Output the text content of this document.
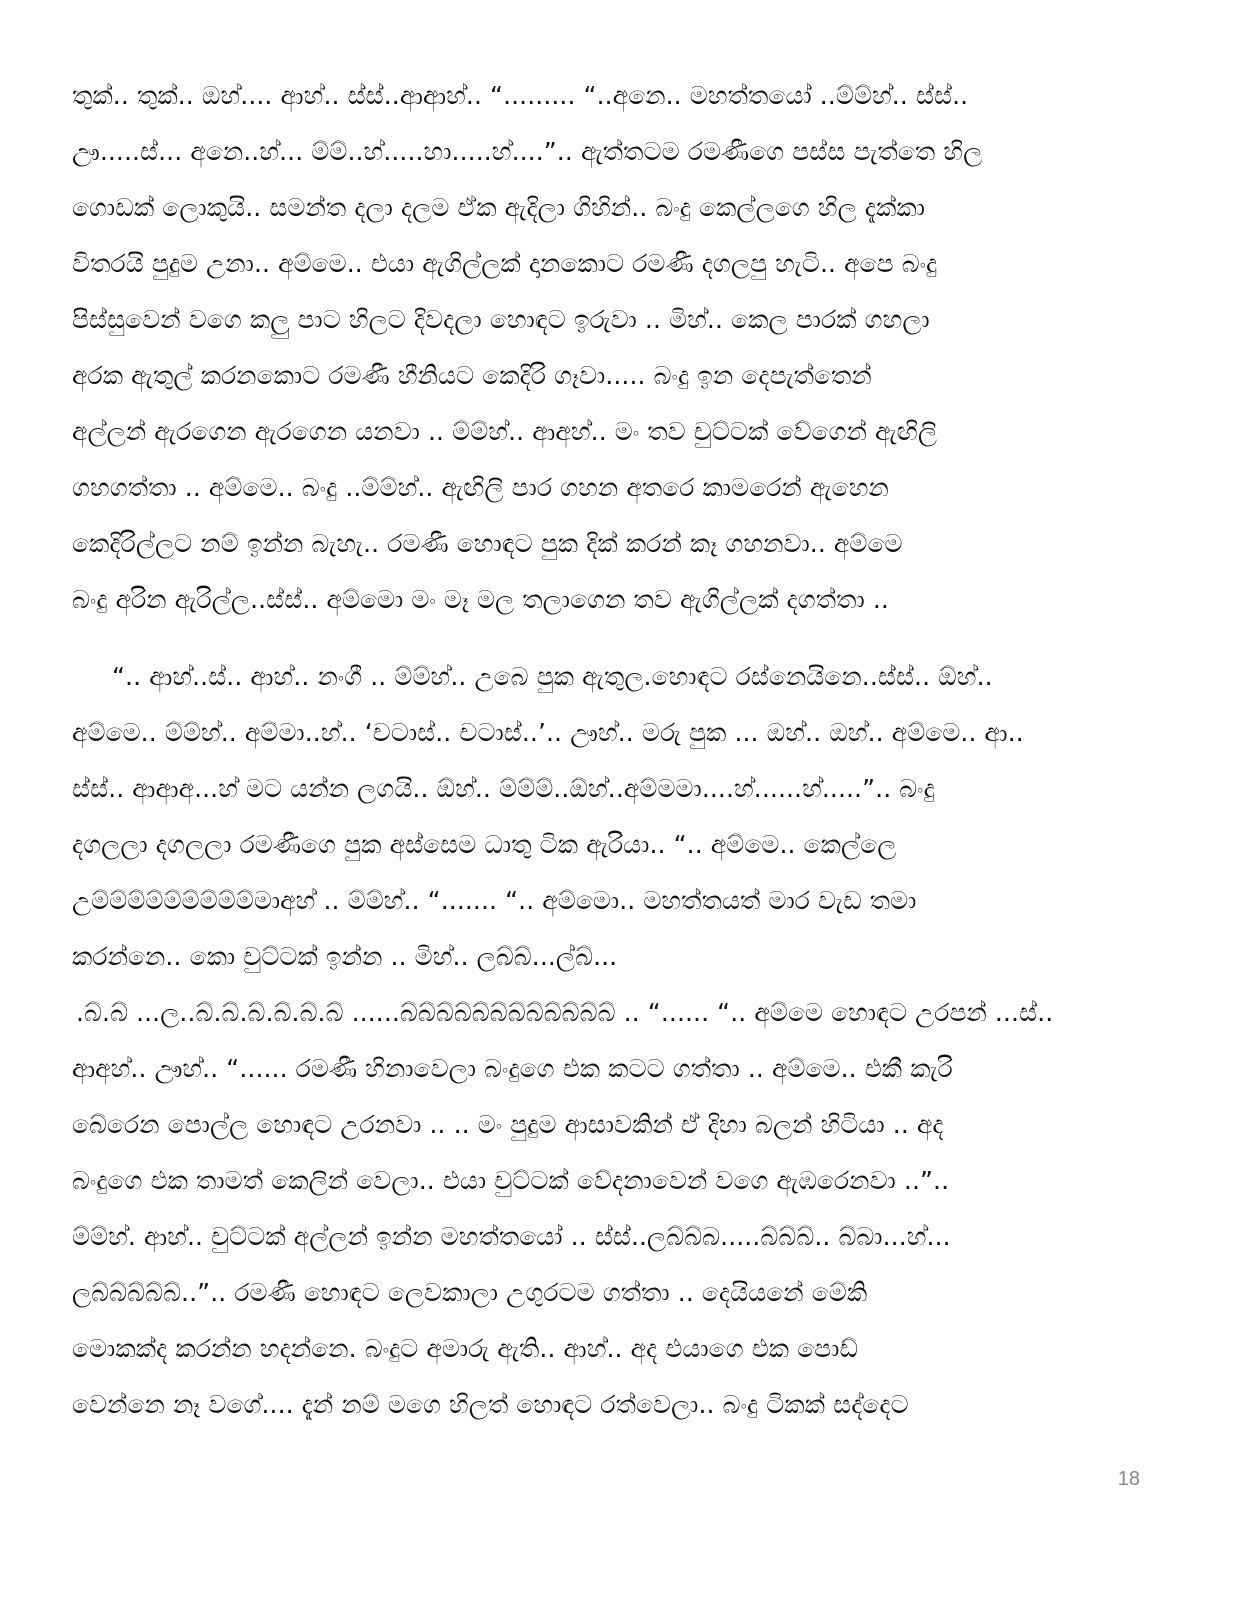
තුක්.. තුක්.. ඔහ්.... ආහ්.. ස්ස්..ආආහ්.. “......... “..අනෙ.. මහත්තයෝ ..ම්ම්හ්.. ස්ස්..
ඌ.....ස්... අනෙ..හ්... ම්ම්..හ්.....හා.....හ්....”.. ඇත්තටම රමණීගෙ පස්ස පැත්තෙ හිල
ගොඩක් ලොකුයි.. සමන්ත දලා දලම ඒක ඇදිලා ගිහින්.. බංදු කෙල්ලගෙ හිල දැක්කා
විතරයි පුදුම උනා.. අම්මෙ.. එයා ඇගිල්ලක් දානකොට රමණී දගලපු හැටි.. අපෙ බංදු
පිස්සුවෙන් වගෙ කලු පාට හිලට දිවදලා හොඳට ඉරුවා .. මිහ්.. කෙල පාරක් ගහලා
අරක ඇතුල් කරනකොට රමණී හීනියට කෙදිරි ගෑවා..... බංදු ඉන දෙපැත්තෙන්
අල්ලන් ඇරගෙන ඇරගෙන යනවා .. ම්ම්හ්.. ආඅහ්.. මං තව චුට්ටක් වේගෙන් ඇඟිලි
ගහගත්තා .. අම්මෙ.. බංදු ..ම්ම්හ්.. ඇඟිලි පාර ගහන අතරෙ කාමරෙන් ඇහෙන
කෙදිරිල්ලට නම් ඉන්න බැහැ.. රමණී හොඳට පුක දික් කරන් කෑ ගහනවා.. අම්මෙ
බංදු අරින ඇරිල්ල..ස්ස්.. අම්මො මං මෑ මල තලාගෙන තව ඇගිල්ලක් දගත්තා ..
“.. ආහ්..ස්.. ආහ්.. නංගී .. ම්ම්හ්.. උබෙ පුක ඇතුල.හොඳට රස්නෙයිනෙ..ස්ස්.. ඕහ්..
අම්මෙ.. ම්ම්හ්.. අම්මා..හ්.. ‘චටාස්.. චටාස්..’.. ඌහ්.. මරු පුක ... ඔහ්.. ඔහ්.. අම්මෙ.. ආ..
ස්ස්.. ආආඅ...හ් මට යන්න ලගයි.. ඕහ්.. ම්ම්ම්..ඕහ්..අම්මමා....හ්......හ්.....”.. බංදු
දගලලා දගලලා රමණීගෙ පුක අස්සෙම ධාතු ටික ඇරියා.. “.. අම්මෙ.. කෙල්ලෙ
උම්ම්ම්ම්ම්ම්ම්ම්ම්මාඅහ් .. ම්ම්හ්.. “....... “.. අම්මො.. මහත්තයත් මාර වැඩ තමා
කරන්නෙ.. කො චුට්ටක් ඉන්න .. මිහ්.. ලබ්බ්...ල්බ්...
.බ්.බ් ...ල..බ්.බ්.බ්.බ්.බ්.බ් ......බ්බ්බ්බ්බ්බ්බ්බ්බ්බ්බ්බ් .. “...... “.. අම්මෙ හොඳට උරපන් ...ස්..
ආඅහ්.. ඌහ්.. “...... රමණී හිනාවෙලා බංදුගෙ එක කටට ගත්තා .. අම්මෙ.. එකී කැරි
බේරෙන පොල්ල හොඳට උරනවා .. .. මං පුදුම ආසාවකින් ඒ දිහා බලන් හිටියා .. අද
බංදුගෙ එක තාමත් කෙලින් වෙලා.. එයා චුට්ටක් වේදනාවෙන් වගෙ ඇඹරෙනවා ..”..
ම්ම්හ්. ආහ්.. චුට්ටක් අල්ලන් ඉන්න මහත්තයෝ .. ස්ස්..ලබ්බ්බ.....බ්බ්බ්.. බ්බා...හ්...
ලබ්බ්බ්බ්බ්..”.. රමණී හොඳට ලෙවකාලා උගුරටම ගත්තා .. දෙයියනේ මේකි
මොකක්ද කරන්න හදන්නෙ. බංදුට අමාරු ඇති.. ආහ්.. අද එයාගෙ එක පොඩ්
වෙන්නෙ නෑ වගේ.... දැන් නම් මගෙ හිලත් හොඳට රත්වෙලා.. බංදු ටිකක් සද්දෙට
18
